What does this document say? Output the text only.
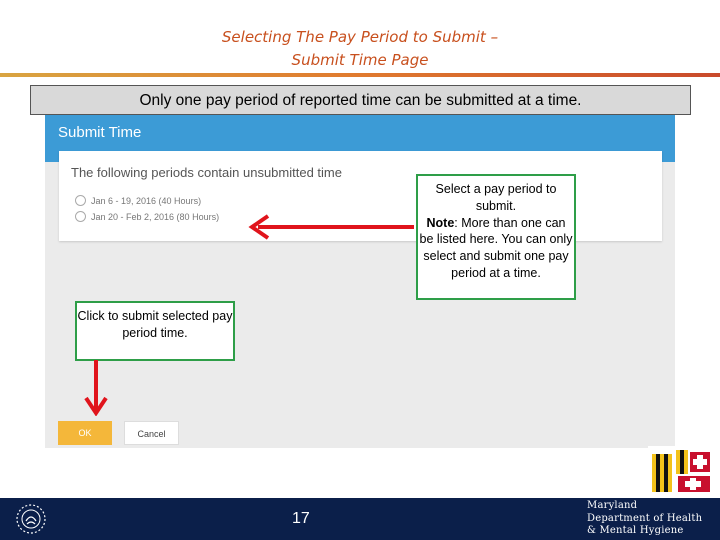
Selecting The Pay Period to Submit –
Submit Time Page
Only one pay period of reported time can be submitted at a time.
Submit Time
The following periods contain unsubmitted time
Jan 6 - 19, 2016 (40 Hours)
Jan 20 - Feb 2, 2016 (80 Hours)
OK	Cancel
Select a pay period to submit.
Note: More than one can be listed here. You can only select and submit one pay period at a time.
Click to submit selected pay period time.
17
Maryland
Department of Health
& Mental Hygiene
